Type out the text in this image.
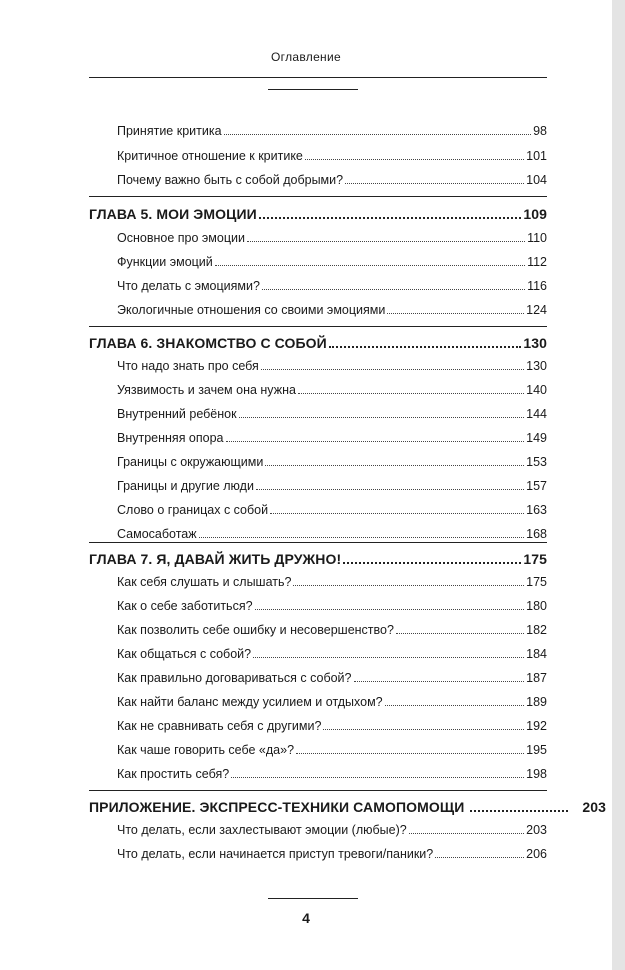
Оглавление
Принятие критика	98
Критичное отношение к критике	101
Почему важно быть с собой добрыми?	104
ГЛАВА 5. МОИ ЭМОЦИИ	109
Основное про эмоции	110
Функции эмоций	112
Что делать с эмоциями?	116
Экологичные отношения со своими эмоциями	124
ГЛАВА 6. ЗНАКОМСТВО С СОБОЙ	130
Что надо знать про себя	130
Уязвимость и зачем она нужна	140
Внутренний ребёнок	144
Внутренняя опора	149
Границы с окружающими	153
Границы и другие люди	157
Слово о границах с собой	163
Самосаботаж	168
ГЛАВА 7. Я, ДАВАЙ ЖИТЬ ДРУЖНО!	175
Как себя слушать и слышать?	175
Как о себе заботиться?	180
Как позволить себе ошибку и несовершенство?	182
Как общаться с собой?	184
Как правильно договариваться с собой?	187
Как найти баланс между усилием и отдыхом?	189
Как не сравнивать себя с другими?	192
Как чаше говорить себе «да»?	195
Как простить себя?	198
ПРИЛОЖЕНИЕ. ЭКСПРЕСС-ТЕХНИКИ САМОПОМОЩИ	203
Что делать, если захлестывают эмоции (любые)?	203
Что делать, если начинается приступ тревоги/паники?	206
4
